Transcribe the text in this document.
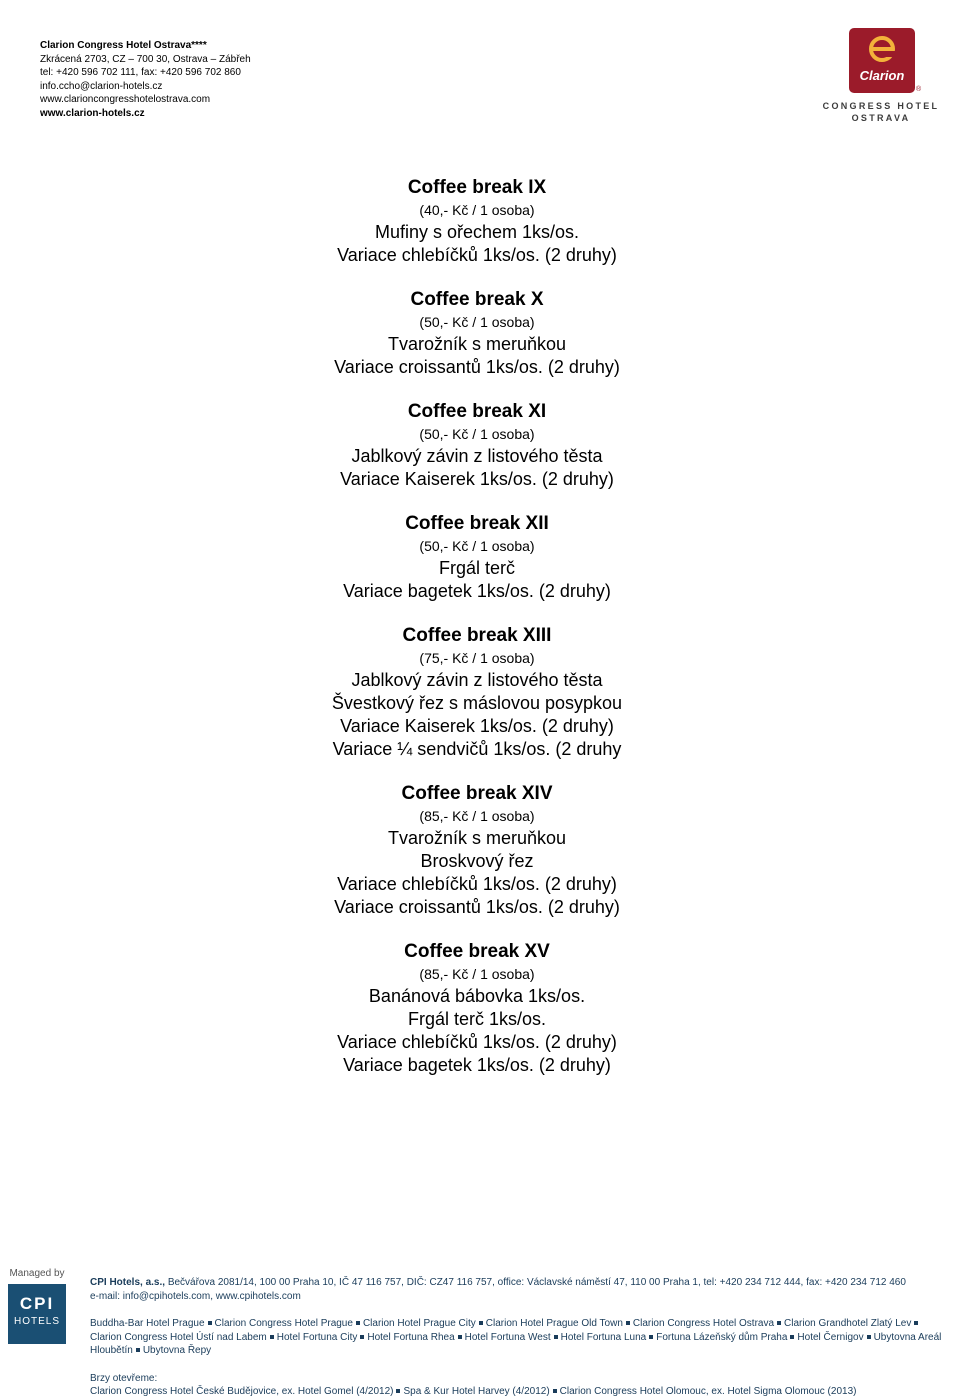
Clarion Congress Hotel Ostrava****
Zkrácená 2703, CZ – 700 30, Ostrava – Zábřeh
tel: +420 596 702 111, fax: +420 596 702 860
info.ccho@clarion-hotels.cz
www.clarioncongresshotelostrava.com
www.clarion-hotels.cz
Clarion
®
CONGRESS HOTEL
OSTRAVA
Coffee break IX
(40,- Kč / 1 osoba)
Mufiny s ořechem 1ks/os.
Variace chlebíčků 1ks/os. (2 druhy)
Coffee break X
(50,- Kč / 1 osoba)
Tvarožník s meruňkou
Variace croissantů 1ks/os. (2 druhy)
Coffee break XI
(50,- Kč / 1 osoba)
Jablkový závin z listového těsta
Variace Kaiserek 1ks/os. (2 druhy)
Coffee break XII
(50,- Kč / 1 osoba)
Frgál terč
Variace bagetek 1ks/os. (2 druhy)
Coffee break XIII
(75,- Kč / 1 osoba)
Jablkový závin z listového těsta
Švestkový řez s máslovou posypkou
Variace Kaiserek 1ks/os. (2 druhy)
Variace ¼ sendvičů 1ks/os. (2 druhy
Coffee break XIV
(85,- Kč / 1 osoba)
Tvarožník s meruňkou
Broskvový řez
Variace chlebíčků 1ks/os. (2 druhy)
Variace croissantů 1ks/os. (2 druhy)
Coffee break XV
(85,- Kč / 1 osoba)
Banánová bábovka 1ks/os.
Frgál terč 1ks/os.
Variace chlebíčků 1ks/os. (2 druhy)
Variace bagetek 1ks/os. (2 druhy)
Managed by
CPI
HOTELS

CPI Hotels, a.s., Bečvářova 2081/14, 100 00 Praha 10, IČ 47 116 757, DIČ: CZ47 116 757, office: Václavské náměstí 47, 110 00 Praha 1, tel: +420 234 712 444, fax: +420 234 712 460

e-mail: info@cpihotels.com, www.cpihotels.com

Buddha-Bar Hotel Prague Clarion Congress Hotel Prague Clarion Hotel Prague City Clarion Hotel Prague Old Town Clarion Congress Hotel Ostrava Clarion Grandhotel Zlatý LevClarion Congress Hotel Ústí nad Labem Hotel Fortuna City Hotel Fortuna Rhea Hotel Fortuna West Hotel Fortuna Luna Fortuna Lázeňský dům Praha Hotel Černigov Ubytovna Areál Hloubětín Ubytovna Řepy

Brzy otevřeme:

Clarion Congress Hotel České Budějovice, ex. Hotel Gomel (4/2012) Spa & Kur Hotel Harvey (4/2012) Clarion Congress Hotel Olomouc, ex. Hotel Sigma Olomouc (2013)
